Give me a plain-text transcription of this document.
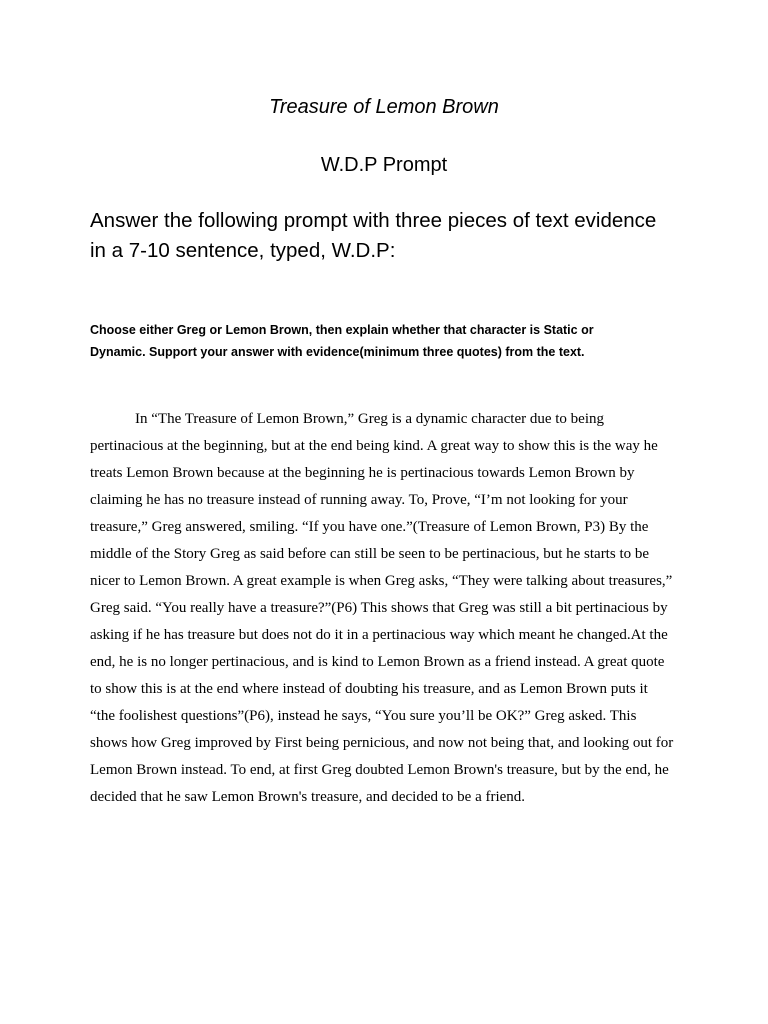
Treasure of Lemon Brown
W.D.P Prompt

Answer the following prompt with three pieces of text evidence
in a 7-10 sentence, typed, W.D.P:

Choose either Greg or Lemon Brown, then explain whether that character is Static or
Dynamic. Support your answer with evidence(minimum three quotes) from the text.

In “The Treasure of Lemon Brown,” Greg is a dynamic character due to being
pertinacious at the beginning, but at the end being kind. A great way to show this is the way he
treats Lemon Brown because at the beginning he is pertinacious towards Lemon Brown by
claiming he has no treasure instead of running away. To, Prove, “I’m not looking for your
treasure,” Greg answered, smiling. “If you have one.”(Treasure of Lemon Brown, P3) By the
middle of the Story Greg as said before can still be seen to be pertinacious, but he starts to be
nicer to Lemon Brown. A great example is when Greg asks, “They were talking about treasures,”
Greg said. “You really have a treasure?”(P6) This shows that Greg was still a bit pertinacious by
asking if he has treasure but does not do it in a pertinacious way which meant he changed.At the
end, he is no longer pertinacious, and is kind to Lemon Brown as a friend instead. A great quote
to show this is at the end where instead of doubting his treasure, and as Lemon Brown puts it
“the foolishest questions”(P6), instead he says, “You sure you’ll be OK?” Greg asked. This
shows how Greg improved by First being pernicious, and now not being that, and looking out for
Lemon Brown instead. To end, at first Greg doubted Lemon Brown's treasure, but by the end, he
decided that he saw Lemon Brown's treasure, and decided to be a friend.
